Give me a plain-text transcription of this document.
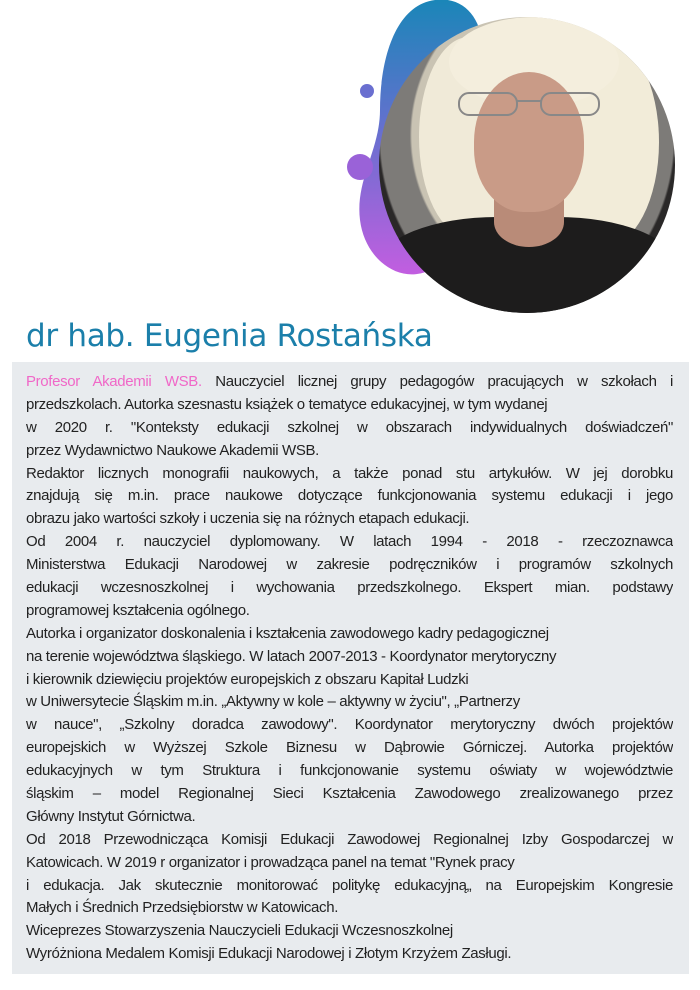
dr hab. Eugenia Rostańska
Profesor Akademii WSB. Nauczyciel licznej grupy pedagogów pracujących w szkołach i
przedszkolach. Autorka szesnastu książek o tematyce edukacyjnej, w tym wydanej
w 2020 r. "Konteksty edukacji szkolnej w obszarach indywidualnych doświadczeń"
przez Wydawnictwo Naukowe Akademii WSB.
Redaktor licznych monografii naukowych, a także ponad stu artykułów. W jej dorobku
znajdują się m.in. prace naukowe dotyczące funkcjonowania systemu edukacji i jego
obrazu jako wartości szkoły i uczenia się na różnych etapach edukacji.
Od 2004 r. nauczyciel dyplomowany. W latach 1994 - 2018 - rzeczoznawca
Ministerstwa Edukacji Narodowej w zakresie podręczników i programów szkolnych
edukacji wczesnoszkolnej i wychowania przedszkolnego. Ekspert mian. podstawy
programowej kształcenia ogólnego.
Autorka i organizator doskonalenia i kształcenia zawodowego kadry pedagogicznej
na terenie województwa śląskiego. W latach 2007-2013 - Koordynator merytoryczny
i kierownik dziewięciu projektów europejskich z obszaru Kapitał Ludzki
w Uniwersytecie Śląskim m.in. „Aktywny w kole – aktywny w życiu", „Partnerzy
w nauce", „Szkolny doradca zawodowy". Koordynator merytoryczny dwóch projektów
europejskich w Wyższej Szkole Biznesu w Dąbrowie Górniczej. Autorka projektów
edukacyjnych w tym Struktura i funkcjonowanie systemu oświaty w województwie
śląskim – model Regionalnej Sieci Kształcenia Zawodowego zrealizowanego przez
Główny Instytut Górnictwa.
Od 2018 Przewodnicząca Komisji Edukacji Zawodowej Regionalnej Izby Gospodarczej w
Katowicach. W 2019 r organizator i prowadząca panel na temat "Rynek pracy
i edukacja. Jak skutecznie monitorować politykę edukacyjną„ na Europejskim Kongresie
Małych i Średnich Przedsiębiorstw w Katowicach.
Wiceprezes Stowarzyszenia Nauczycieli Edukacji Wczesnoszkolnej
Wyróżniona Medalem Komisji Edukacji Narodowej i Złotym Krzyżem Zasługi.
